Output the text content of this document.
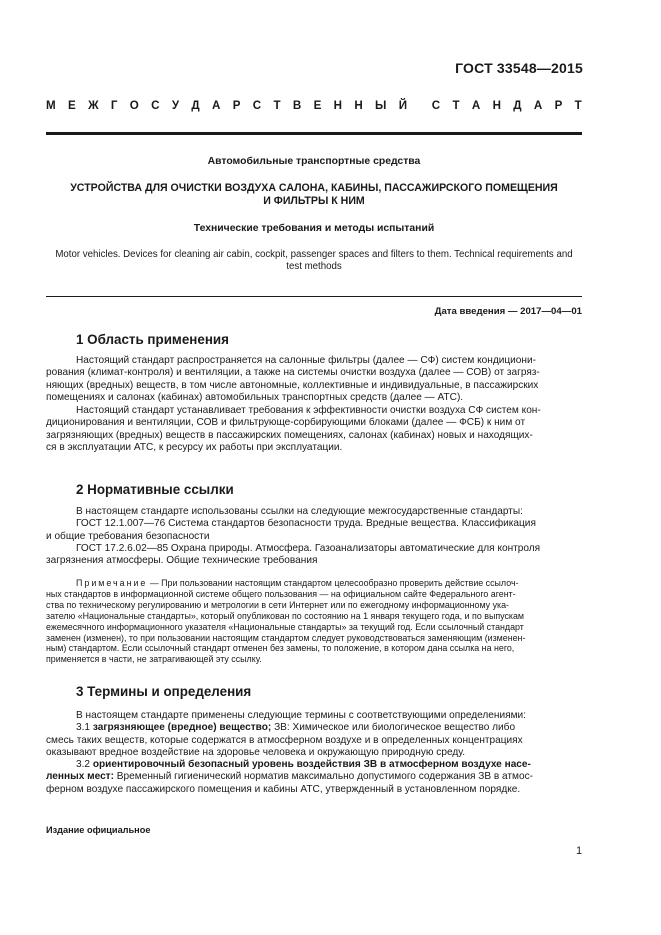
ГОСТ 33548—2015
М Е Ж Г О С У Д А Р С Т В Е Н Н Ы Й С Т А Н Д А Р Т
Автомобильные транспортные средства
УСТРОЙСТВА ДЛЯ ОЧИСТКИ ВОЗДУХА САЛОНА, КАБИНЫ, ПАССАЖИРСКОГО ПОМЕЩЕНИЯ
И ФИЛЬТРЫ К НИМ
Технические требования и методы испытаний
Motor vehicles. Devices for cleaning air cabin, cockpit, passenger spaces and filters to them. Technical requirements and
test methods
Дата введения — 2017—04—01
1 Область применения
Настоящий стандарт распространяется на салонные фильтры (далее — СФ) систем кондициони-
рования (климат-контроля) и вентиляции, а также на системы очистки воздуха (далее — СОВ) от загряз-
няющих (вредных) веществ, в том числе автономные, коллективные и индивидуальные, в пассажирских
помещениях и салонах (кабинах) автомобильных транспортных средств (далее — АТС).
Настоящий стандарт устанавливает требования к эффективности очистки воздуха СФ систем кон-
диционирования и вентиляции, СОВ и фильтрующе-сорбирующими блоками (далее — ФСБ) к ним от
загрязняющих (вредных) веществ в пассажирских помещениях, салонах (кабинах) новых и находящих-
ся в эксплуатации АТС, к ресурсу их работы при эксплуатации.
2 Нормативные ссылки
В настоящем стандарте использованы ссылки на следующие межгосударственные стандарты:
ГОСТ 12.1.007—76 Система стандартов безопасности труда. Вредные вещества. Классификация
и общие требования безопасности
ГОСТ 17.2.6.02—85 Охрана природы. Атмосфера. Газоанализаторы автоматические для контроля
загрязнения атмосферы. Общие технические требования
Примечание — При пользовании настоящим стандартом целесообразно проверить действие ссылоч-
ных стандартов в информационной системе общего пользования — на официальном сайте Федерального агент-
ства по техническому регулированию и метрологии в сети Интернет или по ежегодному информационному ука-
зателю «Национальные стандарты», который опубликован по состоянию на 1 января текущего года, и по выпускам
ежемесячного информационного указателя «Национальные стандарты» за текущий год. Если ссылочный стандарт
заменен (изменен), то при пользовании настоящим стандартом следует руководствоваться заменяющим (изменен-
ным) стандартом. Если ссылочный стандарт отменен без замены, то положение, в котором дана ссылка на него,
применяется в части, не затрагивающей эту ссылку.
3 Термины и определения
В настоящем стандарте применены следующие термины с соответствующими определениями:
3.1 загрязняющее (вредное) вещество; ЗВ: Химическое или биологическое вещество либо
смесь таких веществ, которые содержатся в атмосферном воздухе и в определенных концентрациях
оказывают вредное воздействие на здоровье человека и окружающую природную среду.
3.2 ориентировочный безопасный уровень воздействия ЗВ в атмосферном воздухе насе-
ленных мест: Временный гигиенический норматив максимально допустимого содержания ЗВ в атмос-
ферном воздухе пассажирского помещения и кабины АТС, утвержденный в установленном порядке.
Издание официальное
1
